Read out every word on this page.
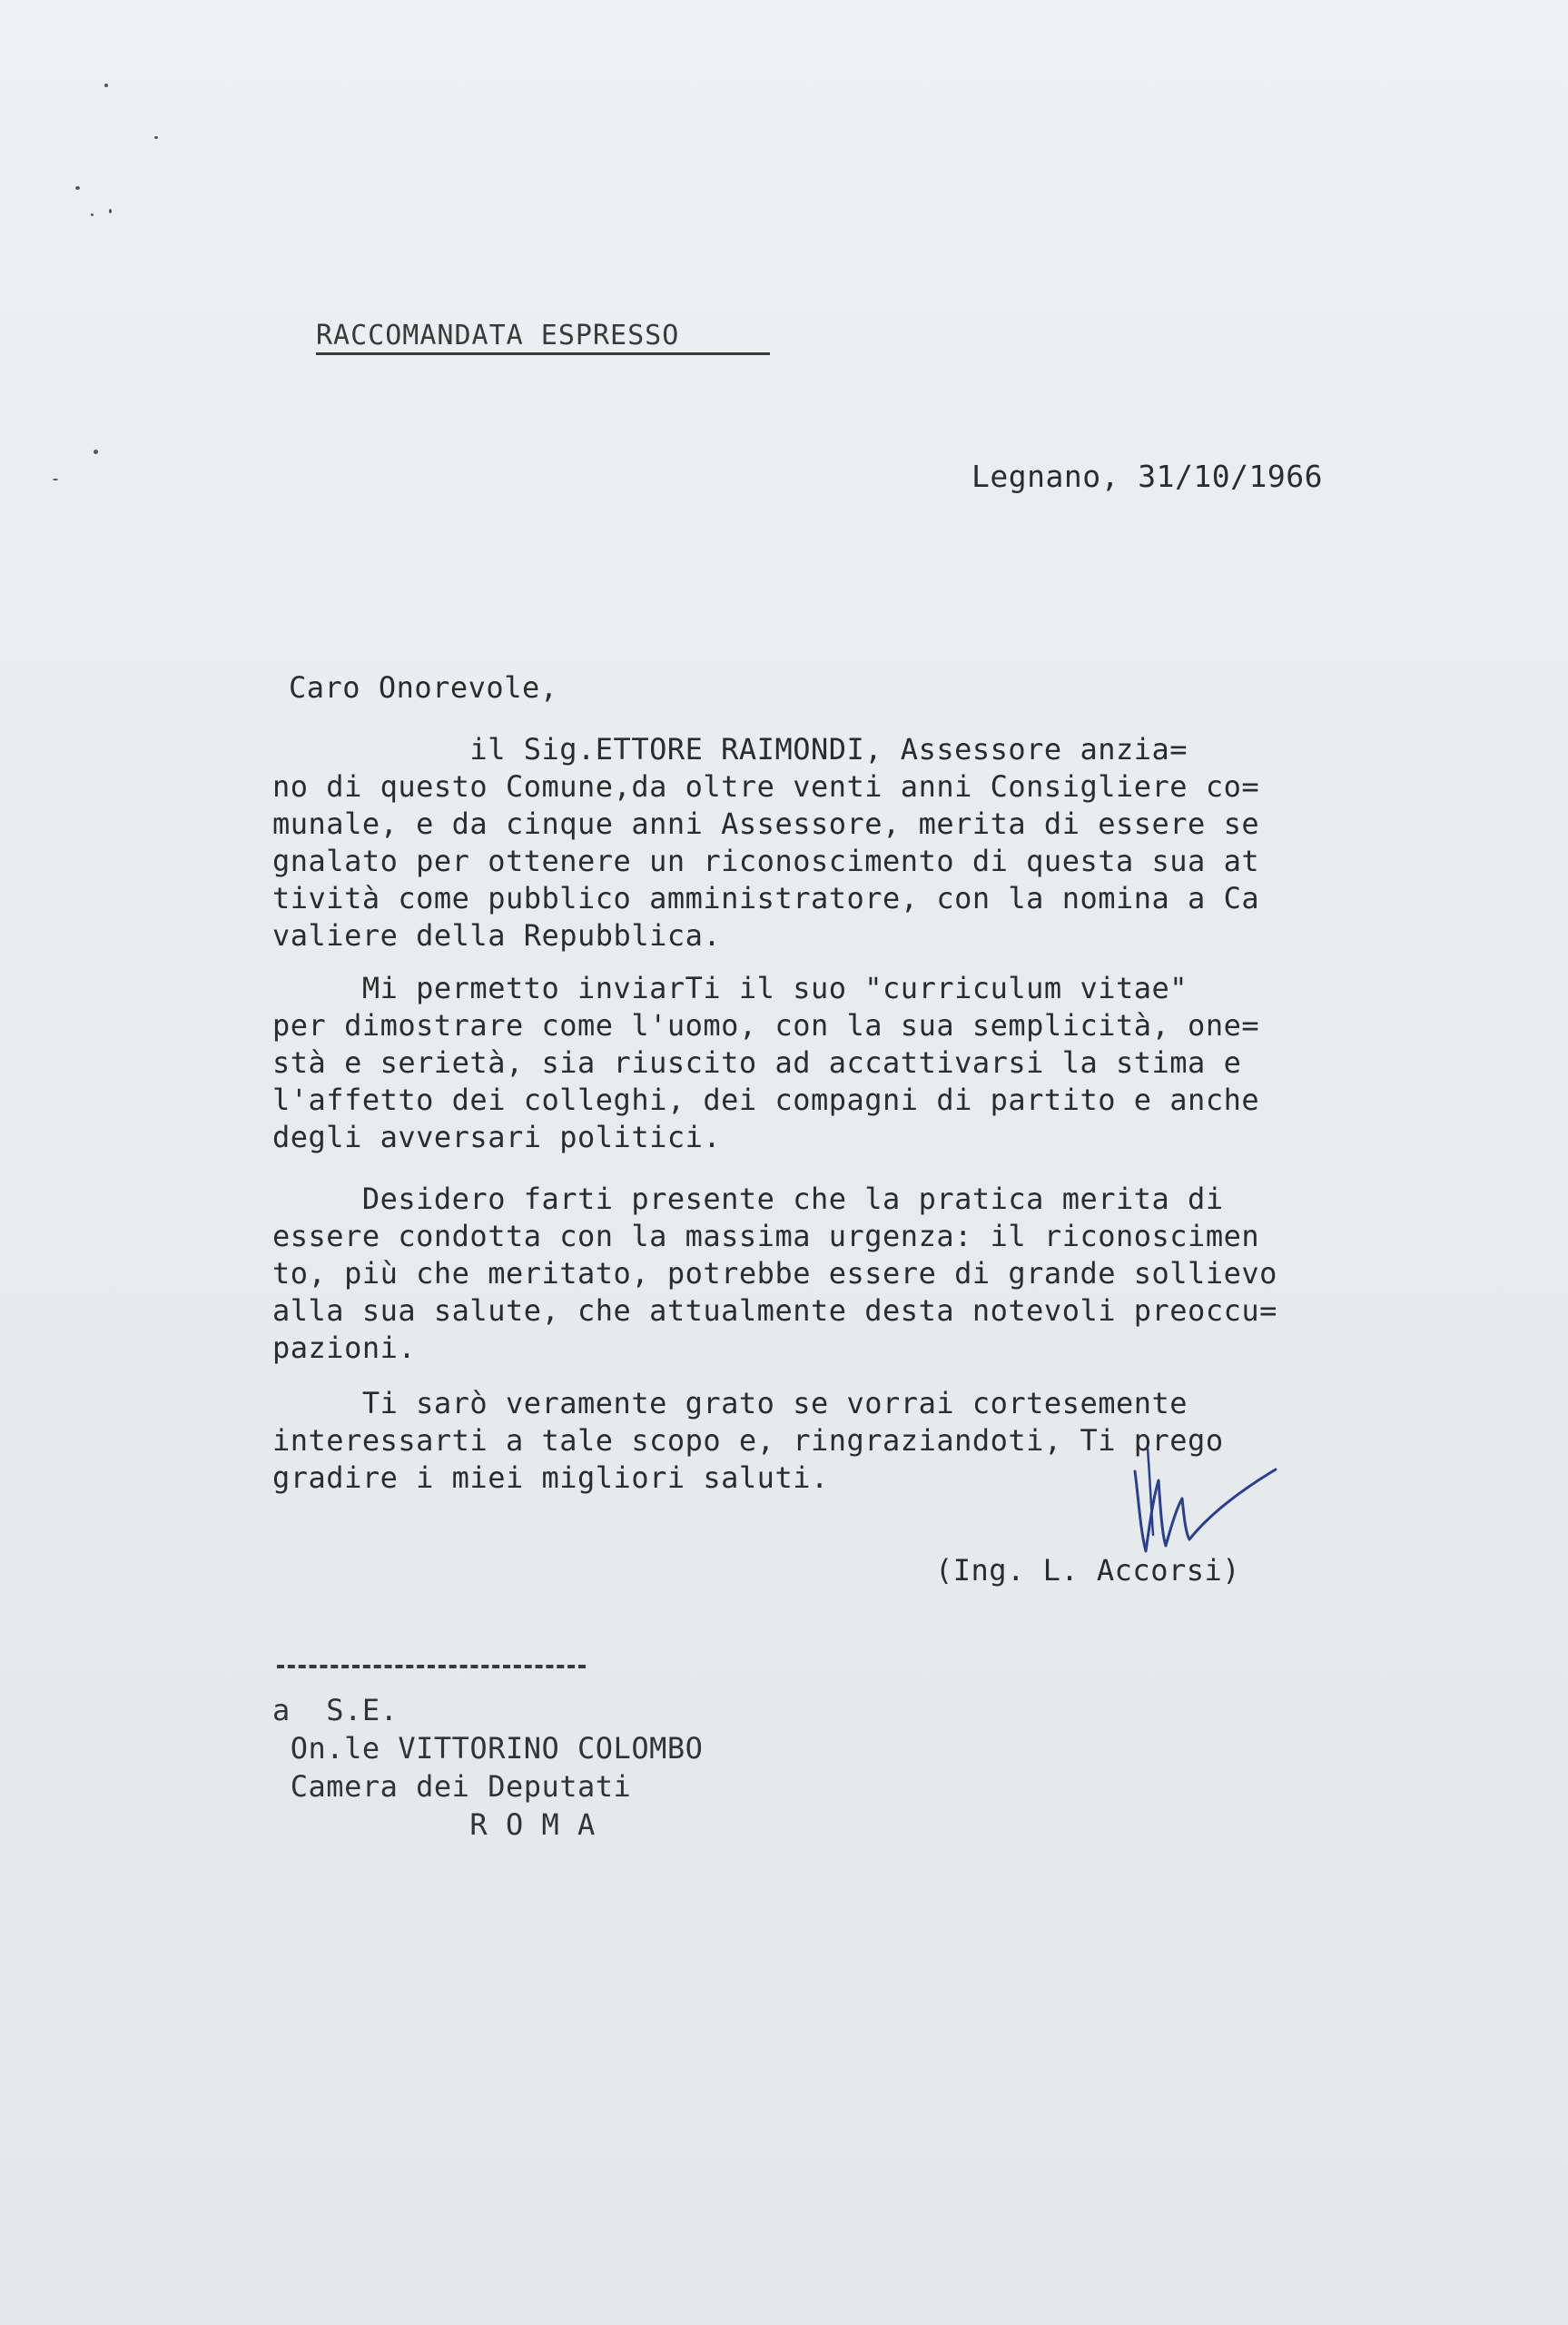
RACCOMANDATA ESPRESSO
Legnano, 31/10/1966
Caro Onorevole,
il Sig.ETTORE RAIMONDI, Assessore anzia=
no di questo Comune,da oltre venti anni Consigliere co=
munale, e da cinque anni Assessore, merita di essere se
gnalato per ottenere un riconoscimento di questa sua at
tività come pubblico amministratore, con la nomina a Ca
valiere della Repubblica.
Mi permetto inviarTi il suo "curriculum vitae"
per dimostrare come l'uomo, con la sua semplicità, one=
stà e serietà, sia riuscito ad accattivarsi la stima e
l'affetto dei colleghi, dei compagni di partito e anche
degli avversari politici.
Desidero farti presente che la pratica merita di
essere condotta con la massima urgenza: il riconoscimen
to, più che meritato, potrebbe essere di grande sollievo
alla sua salute, che attualmente desta notevoli preoccu=
pazioni.
Ti sarò veramente grato se vorrai cortesemente
interessarti a tale scopo e, ringraziandoti, Ti prego
gradire i miei migliori saluti.
(Ing. L. Accorsi)
a  S.E.
On.le VITTORINO COLOMBO
Camera dei Deputati
R O M A
